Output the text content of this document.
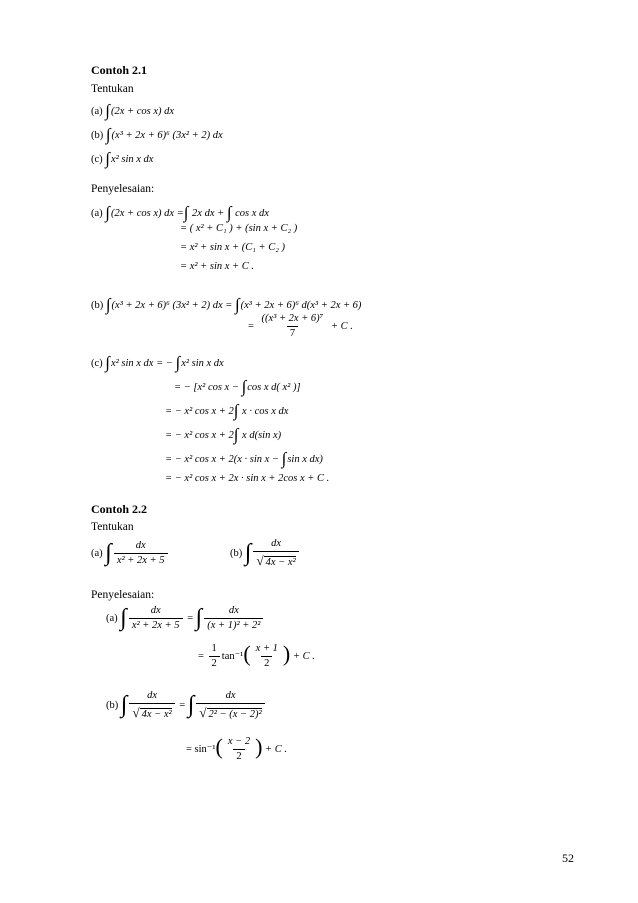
Contoh 2.1
Tentukan
(a) ∫(2x + cos x) dx
(b) ∫(x³ + 2x + 6)⁶ (3x² + 2) dx
(c) ∫x² sin x dx
Penyelesaian:
(a) ∫(2x + cos x) dx =∫ 2x dx + ∫ cos x dx
= ( x² + C₁ ) + (sin x + C₂ )
= x² + sin x + (C₁ + C₂ )
= x² + sin x + C .
(b) ∫(x³ + 2x + 6)⁶ (3x² + 2) dx = ∫(x³ + 2x + 6)⁶ d(x³ + 2x + 6)
= $\frac{\text{((x³ + 2x + 6)⁷}}{7} + C$ .
(c) ∫x² sin x dx = − ∫x² sin x dx
= − [x² cos x − ∫cos x d( x² )]
= − x² cos x + 2∫ x · cos x dx
= − x² cos x + 2∫ x d(sin x)
= − x² cos x + 2(x · sin x − ∫sin x dx)
= − x² cos x + 2x · sin x + 2cos x + C .
Contoh 2.2
Tentukan
(a) ∫ $\frac{dx}{\text{x² + 2x + 5}}$	(b) ∫ $\frac{dx}{\text{√ 4x − x²}}$
Penyelesaian:
(a) ∫ $\frac{dx}{\text{x² + 2x + 5}}$ = ∫ $\frac{dx}{\text{(x + 1)² + 2²}}$
= $\frac{1}{2} \tan^{-1}( \frac{x + 1}{2}$ ) + C .
(b) ∫ $\frac{dx}{\text{√ 4x − x²}}$ = ∫ $\frac{dx}{\text{√ 2² − (x − 2)²}}$
= $\sin^{-1}( \frac{x - 2}{2}$ ) + C .
52
